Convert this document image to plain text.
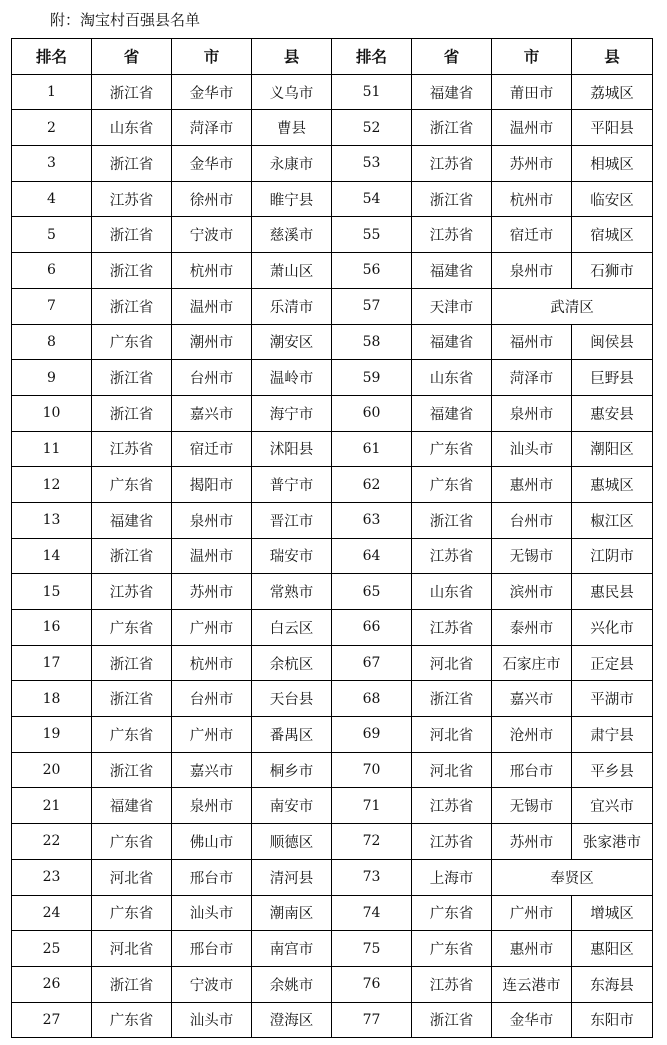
附：淘宝村百强县名单
排名	省	市	县	排名	省	市	县
1	浙江省	金华市	义乌市	51	福建省	莆田市	荔城区
2	山东省	菏泽市	曹县	52	浙江省	温州市	平阳县
3	浙江省	金华市	永康市	53	江苏省	苏州市	相城区
4	江苏省	徐州市	睢宁县	54	浙江省	杭州市	临安区
5	浙江省	宁波市	慈溪市	55	江苏省	宿迁市	宿城区
6	浙江省	杭州市	萧山区	56	福建省	泉州市	石狮市
7	浙江省	温州市	乐清市	57	天津市	武清区	
8	广东省	潮州市	潮安区	58	福建省	福州市	闽侯县
9	浙江省	台州市	温岭市	59	山东省	菏泽市	巨野县
10	浙江省	嘉兴市	海宁市	60	福建省	泉州市	惠安县
11	江苏省	宿迁市	沭阳县	61	广东省	汕头市	潮阳区
12	广东省	揭阳市	普宁市	62	广东省	惠州市	惠城区
13	福建省	泉州市	晋江市	63	浙江省	台州市	椒江区
14	浙江省	温州市	瑞安市	64	江苏省	无锡市	江阴市
15	江苏省	苏州市	常熟市	65	山东省	滨州市	惠民县
16	广东省	广州市	白云区	66	江苏省	泰州市	兴化市
17	浙江省	杭州市	余杭区	67	河北省	石家庄市	正定县
18	浙江省	台州市	天台县	68	浙江省	嘉兴市	平湖市
19	广东省	广州市	番禺区	69	河北省	沧州市	肃宁县
20	浙江省	嘉兴市	桐乡市	70	河北省	邢台市	平乡县
21	福建省	泉州市	南安市	71	江苏省	无锡市	宜兴市
22	广东省	佛山市	顺德区	72	江苏省	苏州市	张家港市
23	河北省	邢台市	清河县	73	上海市	奉贤区	
24	广东省	汕头市	潮南区	74	广东省	广州市	增城区
25	河北省	邢台市	南宫市	75	广东省	惠州市	惠阳区
26	浙江省	宁波市	余姚市	76	江苏省	连云港市	东海县
27	广东省	汕头市	澄海区	77	浙江省	金华市	东阳市
